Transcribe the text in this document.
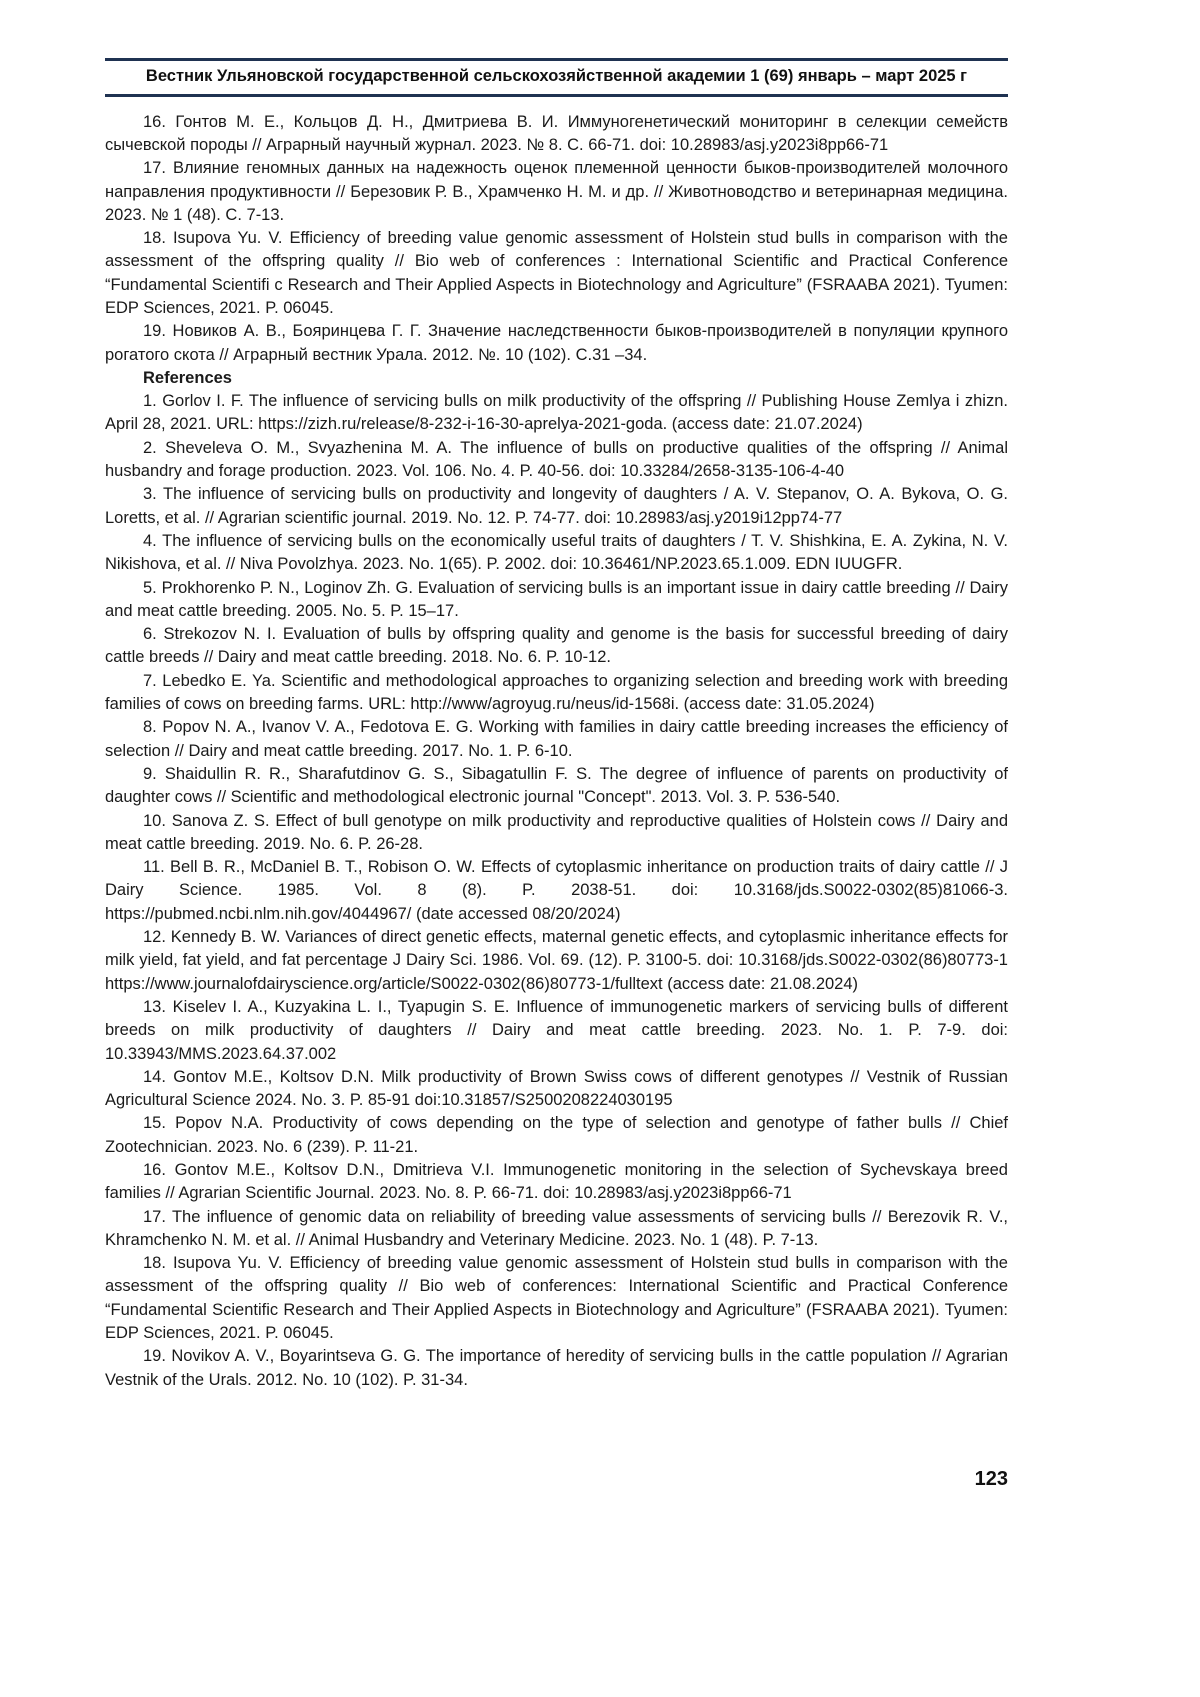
Вестник Ульяновской государственной сельскохозяйственной академии 1 (69) январь – март 2025 г

16. Гонтов М. Е., Кольцов Д. Н., Дмитриева В. И. Иммуногенетический мониторинг в селекции семейств сычевской породы // Аграрный научный журнал. 2023. № 8. С. 66-71. doi: 10.28983/asj.y2023i8pp66-71

17. Влияние геномных данных на надежность оценок племенной ценности быков-производителей молочного направления продуктивности // Березовик Р. В., Храмченко Н. М. и др. // Животноводство и ветеринарная медицина. 2023. № 1 (48). С. 7-13.

18. Isupova Yu. V. Efficiency of breeding value genomic assessment of Holstein stud bulls in comparison with the assessment of the offspring quality // Bio web of conferences : International Scientific and Practical Conference “Fundamental Scientifi c Research and Their Applied Aspects in Biotechnology and Agriculture” (FSRAABA 2021). Tyumen: EDP Sciences, 2021. P. 06045.

19. Новиков А. В., Бояринцева Г. Г. Значение наследственности быков-производителей в популяции крупного рогатого скота // Аграрный вестник Урала. 2012. №. 10 (102). С.31 –34.

References

1. Gorlov I. F. The influence of servicing bulls on milk productivity of the offspring // Publishing House Zemlya i zhizn. April 28, 2021. URL: https://zizh.ru/release/8-232-i-16-30-aprelya-2021-goda. (access date: 21.07.2024)

2. Sheveleva O. M., Svyazhenina M. A. The influence of bulls on productive qualities of the offspring // Animal husbandry and forage production. 2023. Vol. 106. No. 4. P. 40-56. doi: 10.33284/2658-3135-106-4-40

3. The influence of servicing bulls on productivity and longevity of daughters / A. V. Stepanov, O. A. Bykova, O. G. Loretts, et al. // Agrarian scientific journal. 2019. No. 12. P. 74-77. doi: 10.28983/asj.y2019i12pp74-77

4. The influence of servicing bulls on the economically useful traits of daughters / T. V. Shishkina, E. A. Zykina, N. V. Nikishova, et al. // Niva Povolzhya. 2023. No. 1(65). P. 2002. doi: 10.36461/NP.2023.65.1.009. EDN IUUGFR.

5. Prokhorenko P. N., Loginov Zh. G. Evaluation of servicing bulls is an important issue in dairy cattle breeding // Dairy and meat cattle breeding. 2005. No. 5. P. 15–17.

6. Strekozov N. I. Evaluation of bulls by offspring quality and genome is the basis for successful breeding of dairy cattle breeds // Dairy and meat cattle breeding. 2018. No. 6. P. 10-12.

7. Lebedko E. Ya. Scientific and methodological approaches to organizing selection and breeding work with breeding families of cows on breeding farms. URL: http://www/agroyug.ru/neus/id-1568i. (access date: 31.05.2024)

8. Popov N. A., Ivanov V. A., Fedotova E. G. Working with families in dairy cattle breeding increases the efficiency of selection // Dairy and meat cattle breeding. 2017. No. 1. P. 6-10.

9. Shaidullin R. R., Sharafutdinov G. S., Sibagatullin F. S. The degree of influence of parents on productivity of daughter cows // Scientific and methodological electronic journal "Concept". 2013. Vol. 3. P. 536-540.

10. Sanova Z. S. Effect of bull genotype on milk productivity and reproductive qualities of Holstein cows // Dairy and meat cattle breeding. 2019. No. 6. P. 26-28.

11. Bell B. R., McDaniel B. T., Robison O. W. Effects of cytoplasmic inheritance on production traits of dairy cattle // J Dairy Science. 1985. Vol. 8 (8). P. 2038-51. doi: 10.3168/jds.S0022-0302(85)81066-3. https://pubmed.ncbi.nlm.nih.gov/4044967/ (date accessed 08/20/2024)

12. Kennedy B. W. Variances of direct genetic effects, maternal genetic effects, and cytoplasmic inheritance effects for milk yield, fat yield, and fat percentage J Dairy Sci. 1986. Vol. 69. (12). P. 3100-5. doi: 10.3168/jds.S0022-0302(86)80773-1 https://www.journalofdairyscience.org/article/S0022-0302(86)80773-1/fulltext (access date: 21.08.2024)

13. Kiselev I. A., Kuzyakina L. I., Tyapugin S. E. Influence of immunogenetic markers of servicing bulls of different breeds on milk productivity of daughters // Dairy and meat cattle breeding. 2023. No. 1. P. 7-9. doi: 10.33943/MMS.2023.64.37.002

14. Gontov M.E., Koltsov D.N. Milk productivity of Brown Swiss cows of different genotypes // Vestnik of Russian Agricultural Science 2024. No. 3. P. 85-91 doi:10.31857/S2500208224030195

15. Popov N.A. Productivity of cows depending on the type of selection and genotype of father bulls // Chief Zootechnician. 2023. No. 6 (239). P. 11-21.

16. Gontov M.E., Koltsov D.N., Dmitrieva V.I. Immunogenetic monitoring in the selection of Sychevskaya breed families // Agrarian Scientific Journal. 2023. No. 8. P. 66-71. doi: 10.28983/asj.y2023i8pp66-71

17. The influence of genomic data on reliability of breeding value assessments of servicing bulls // Berezovik R. V., Khramchenko N. M. et al. // Animal Husbandry and Veterinary Medicine. 2023. No. 1 (48). P. 7-13.

18. Isupova Yu. V. Efficiency of breeding value genomic assessment of Holstein stud bulls in comparison with the assessment of the offspring quality // Bio web of conferences: International Scientific and Practical Conference “Fundamental Scientific Research and Their Applied Aspects in Biotechnology and Agriculture” (FSRAABA 2021). Tyumen: EDP Sciences, 2021. P. 06045.

19. Novikov A. V., Boyarintseva G. G. The importance of heredity of servicing bulls in the cattle population // Agrarian Vestnik of the Urals. 2012. No. 10 (102). P. 31-34.

123
